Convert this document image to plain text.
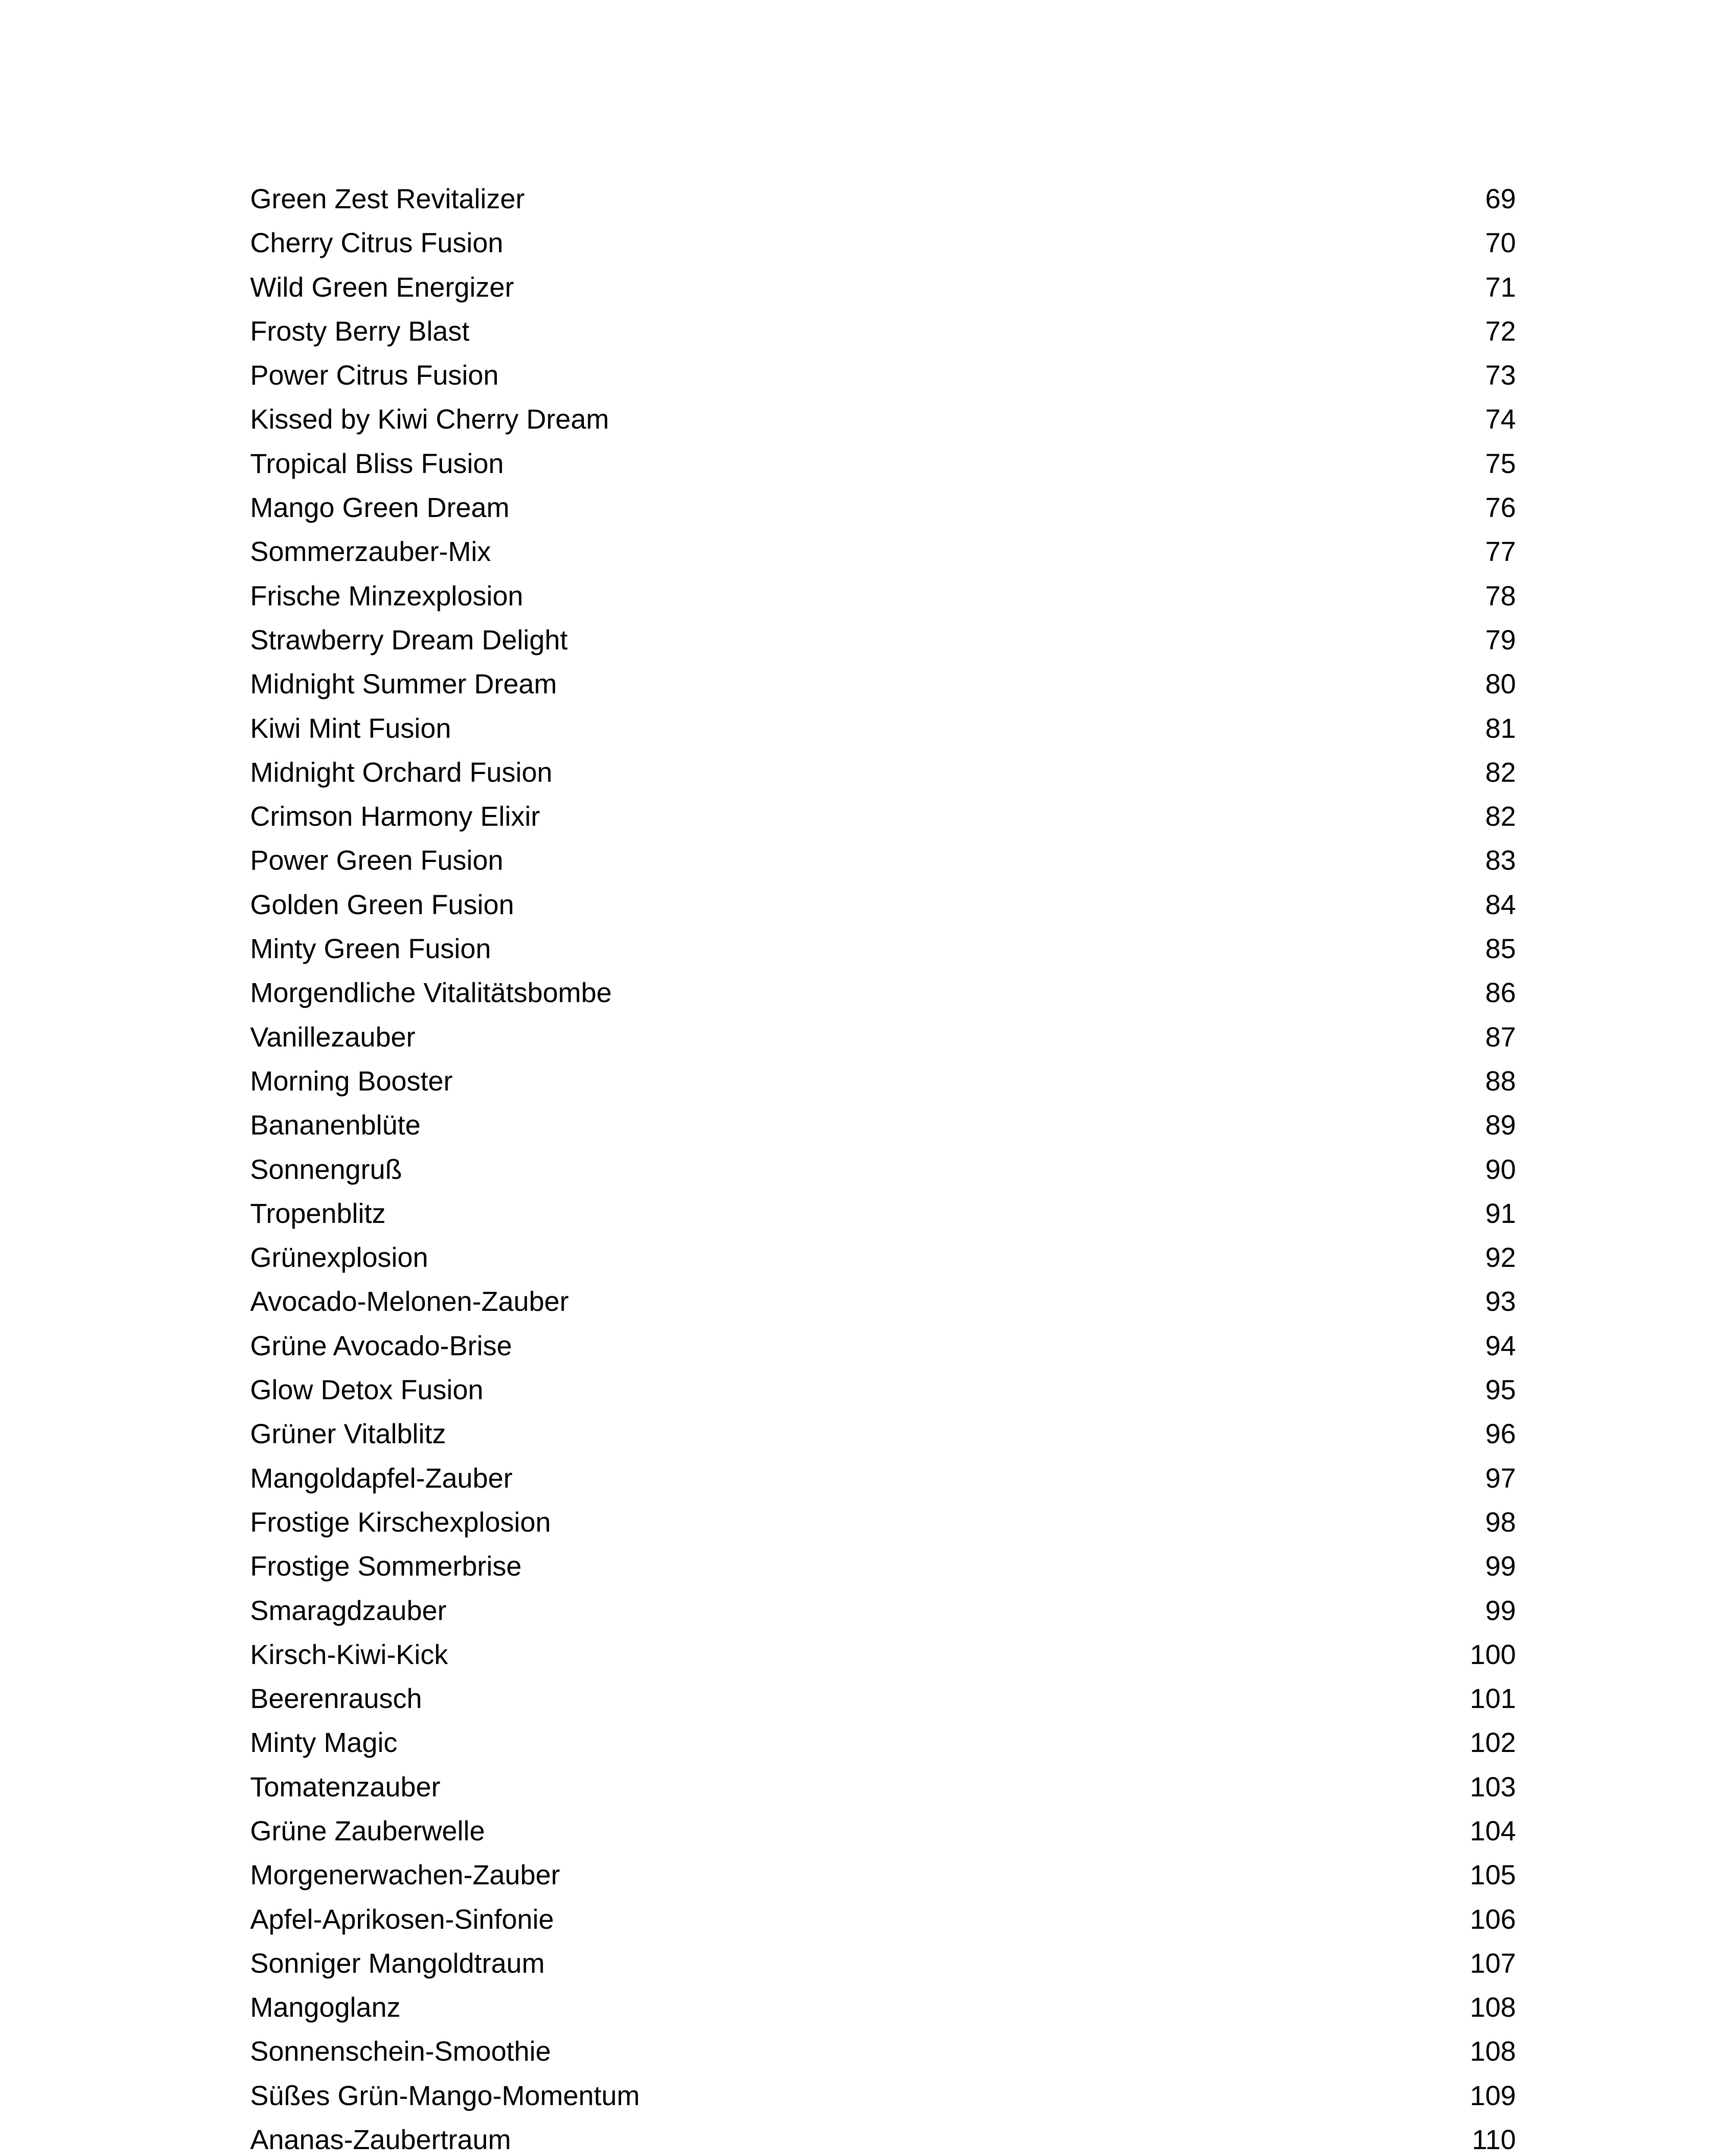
Green Zest Revitalizer	69
Cherry Citrus Fusion	70
Wild Green Energizer	71
Frosty Berry Blast	72
Power Citrus Fusion	73
Kissed by Kiwi Cherry Dream	74
Tropical Bliss Fusion	75
Mango Green Dream	76
Sommerzauber-Mix	77
Frische Minzexplosion	78
Strawberry Dream Delight	79
Midnight Summer Dream	80
Kiwi Mint Fusion	81
Midnight Orchard Fusion	82
Crimson Harmony Elixir	82
Power Green Fusion	83
Golden Green Fusion	84
Minty Green Fusion	85
Morgendliche Vitalitätsbombe	86
Vanillezauber	87
Morning Booster	88
Bananenblüte	89
Sonnengruß	90
Tropenblitz	91
Grünexplosion	92
Avocado-Melonen-Zauber	93
Grüne Avocado-Brise	94
Glow Detox Fusion	95
Grüner Vitalblitz	96
Mangoldapfel-Zauber	97
Frostige Kirschexplosion	98
Frostige Sommerbrise	99
Smaragdzauber	99
Kirsch-Kiwi-Kick	100
Beerenrausch	101
Minty Magic	102
Tomatenzauber	103
Grüne Zauberwelle	104
Morgenerwachen-Zauber	105
Apfel-Aprikosen-Sinfonie	106
Sonniger Mangoldtraum	107
Mangoglanz	108
Sonnenschein-Smoothie	108
Süßes Grün-Mango-Momentum	109
Ananas-Zaubertraum	110
